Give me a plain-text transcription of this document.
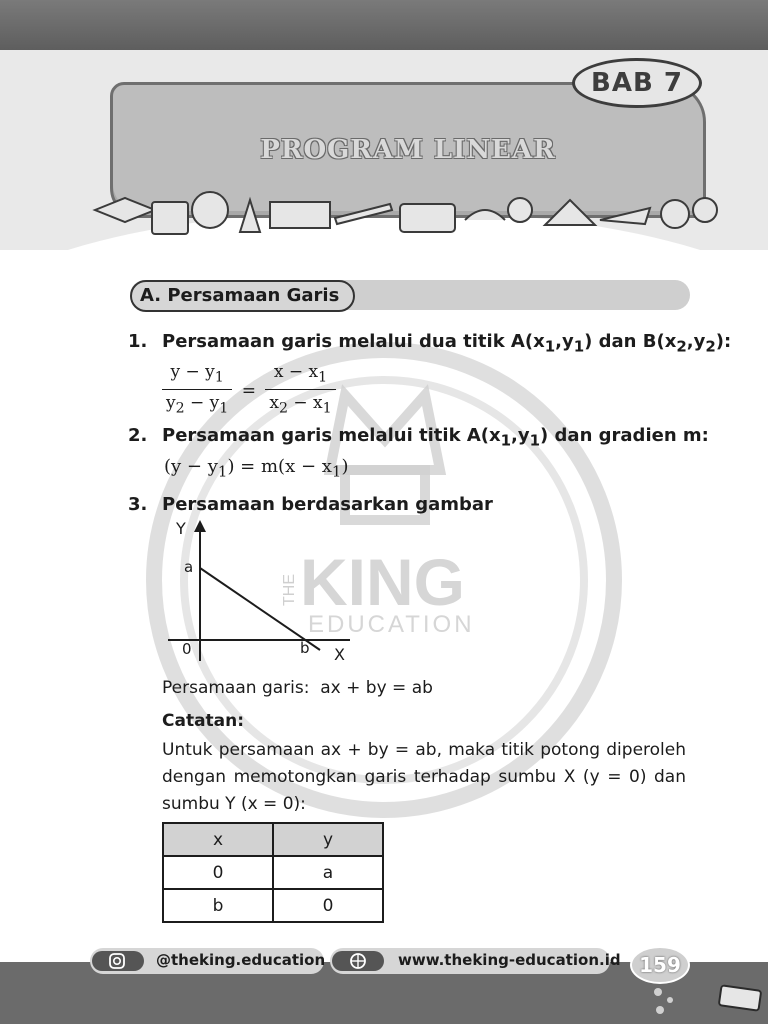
KING
EDUCATION
THE
PROGRAM LINEAR
BAB 7
A. Persamaan Garis
1. Persamaan garis melalui dua titik $A(x_1,y_1)$ dan $B(x_2,y_2)$:
$\frac{y - y_1}{y_2 - y_1} = \frac{x - x_1}{x_2 - x_1}$
2. Persamaan garis melalui titik $A(x_1,y_1)$ dan gradien m:
$(y - y_1) = m(x - x_1)$
3. Persamaan berdasarkan gambar
Y
X
0
a
b
Persamaan garis: ax + by = ab
Catatan:
Untuk persamaan ax + by = ab, maka titik potong diperoleh dengan memotongkan garis terhadap sumbu X (y = 0) dan sumbu Y (x = 0):
x	y
0	a
b	0
@theking.education	www.theking-education.id 159
